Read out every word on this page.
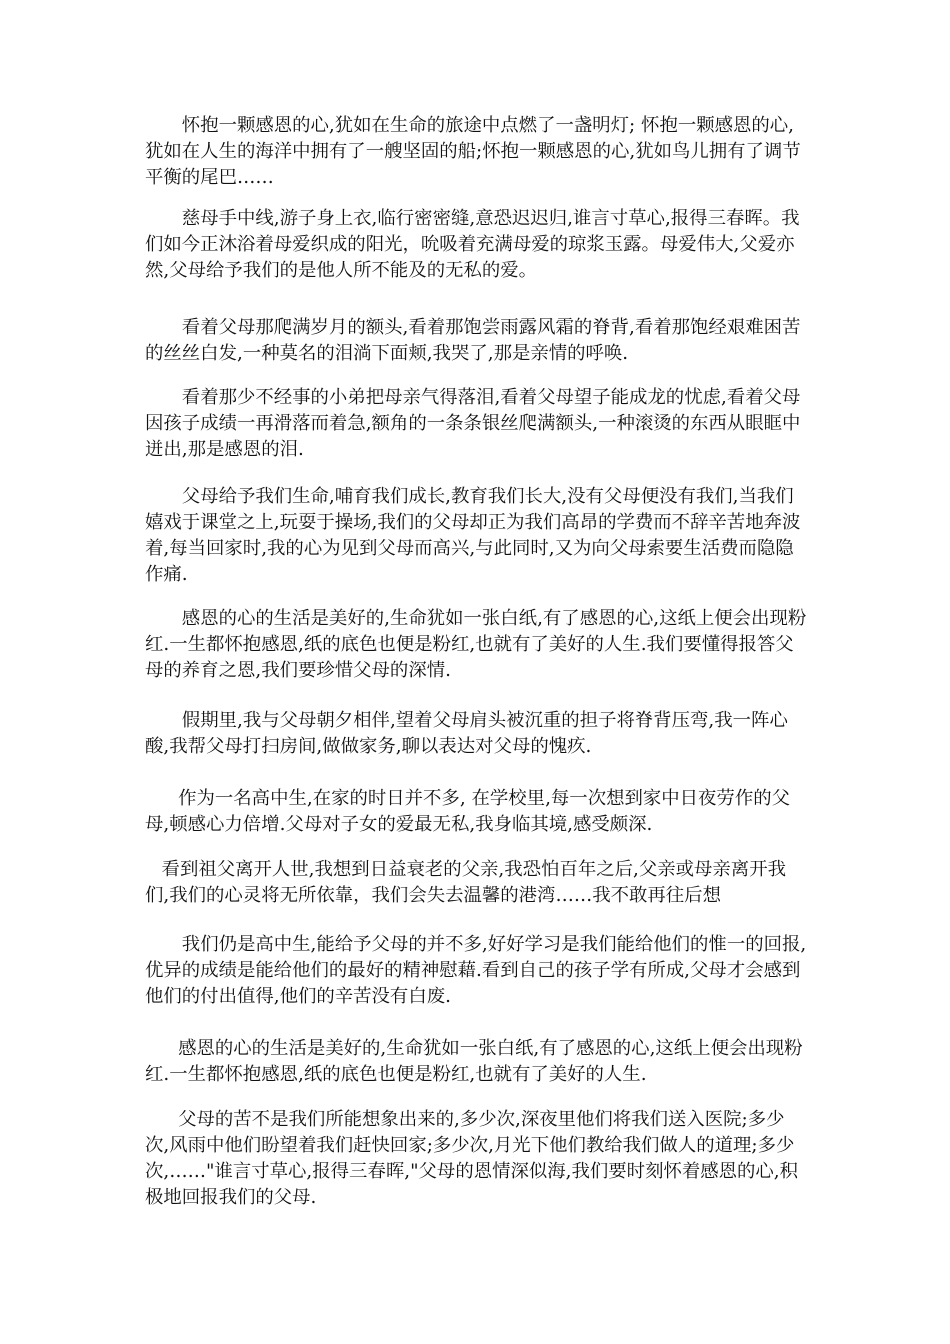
怀抱一颗感恩的心,犹如在生命的旅途中点燃了一盏明灯; 怀抱一颗感恩的心,犹如在人生的海洋中拥有了一艘坚固的船;怀抱一颗感恩的心,犹如鸟儿拥有了调节平衡的尾巴……

慈母手中线,游子身上衣,临行密密缝,意恐迟迟归,谁言寸草心,报得三春晖。我们如今正沐浴着母爱织成的阳光，吮吸着充满母爱的琼浆玉露。母爱伟大,父爱亦然,父母给予我们的是他人所不能及的无私的爱。

看着父母那爬满岁月的额头,看着那饱尝雨露风霜的脊背,看着那饱经艰难困苦的丝丝白发,一种莫名的泪淌下面颊,我哭了,那是亲情的呼唤.

看着那少不经事的小弟把母亲气得落泪,看着父母望子能成龙的忧虑,看着父母因孩子成绩一再滑落而着急,额角的一条条银丝爬满额头,一种滚烫的东西从眼眶中迸出,那是感恩的泪.

父母给予我们生命,哺育我们成长,教育我们长大,没有父母便没有我们,当我们嬉戏于课堂之上,玩耍于操场,我们的父母却正为我们高昂的学费而不辞辛苦地奔波着,每当回家时,我的心为见到父母而高兴,与此同时,又为向父母索要生活费而隐隐作痛.

感恩的心的生活是美好的,生命犹如一张白纸,有了感恩的心,这纸上便会出现粉红.一生都怀抱感恩,纸的底色也便是粉红,也就有了美好的人生.我们要懂得报答父母的养育之恩,我们要珍惜父母的深情.

假期里,我与父母朝夕相伴,望着父母肩头被沉重的担子将脊背压弯,我一阵心酸,我帮父母打扫房间,做做家务,聊以表达对父母的愧疚.

作为一名高中生,在家的时日并不多, 在学校里,每一次想到家中日夜劳作的父母,顿感心力倍增.父母对子女的爱最无私,我身临其境,感受颇深.

看到祖父离开人世,我想到日益衰老的父亲,我恐怕百年之后,父亲或母亲离开我们,我们的心灵将无所依靠，我们会失去温馨的港湾……我不敢再往后想

我们仍是高中生,能给予父母的并不多,好好学习是我们能给他们的惟一的回报,优异的成绩是能给他们的最好的精神慰藉.看到自己的孩子学有所成,父母才会感到他们的付出值得,他们的辛苦没有白废.

感恩的心的生活是美好的,生命犹如一张白纸,有了感恩的心,这纸上便会出现粉红.一生都怀抱感恩,纸的底色也便是粉红,也就有了美好的人生.

父母的苦不是我们所能想象出来的,多少次,深夜里他们将我们送入医院;多少次,风雨中他们盼望着我们赶快回家;多少次,月光下他们教给我们做人的道理;多少次,……"谁言寸草心,报得三春晖,"父母的恩情深似海,我们要时刻怀着感恩的心,积极地回报我们的父母.
